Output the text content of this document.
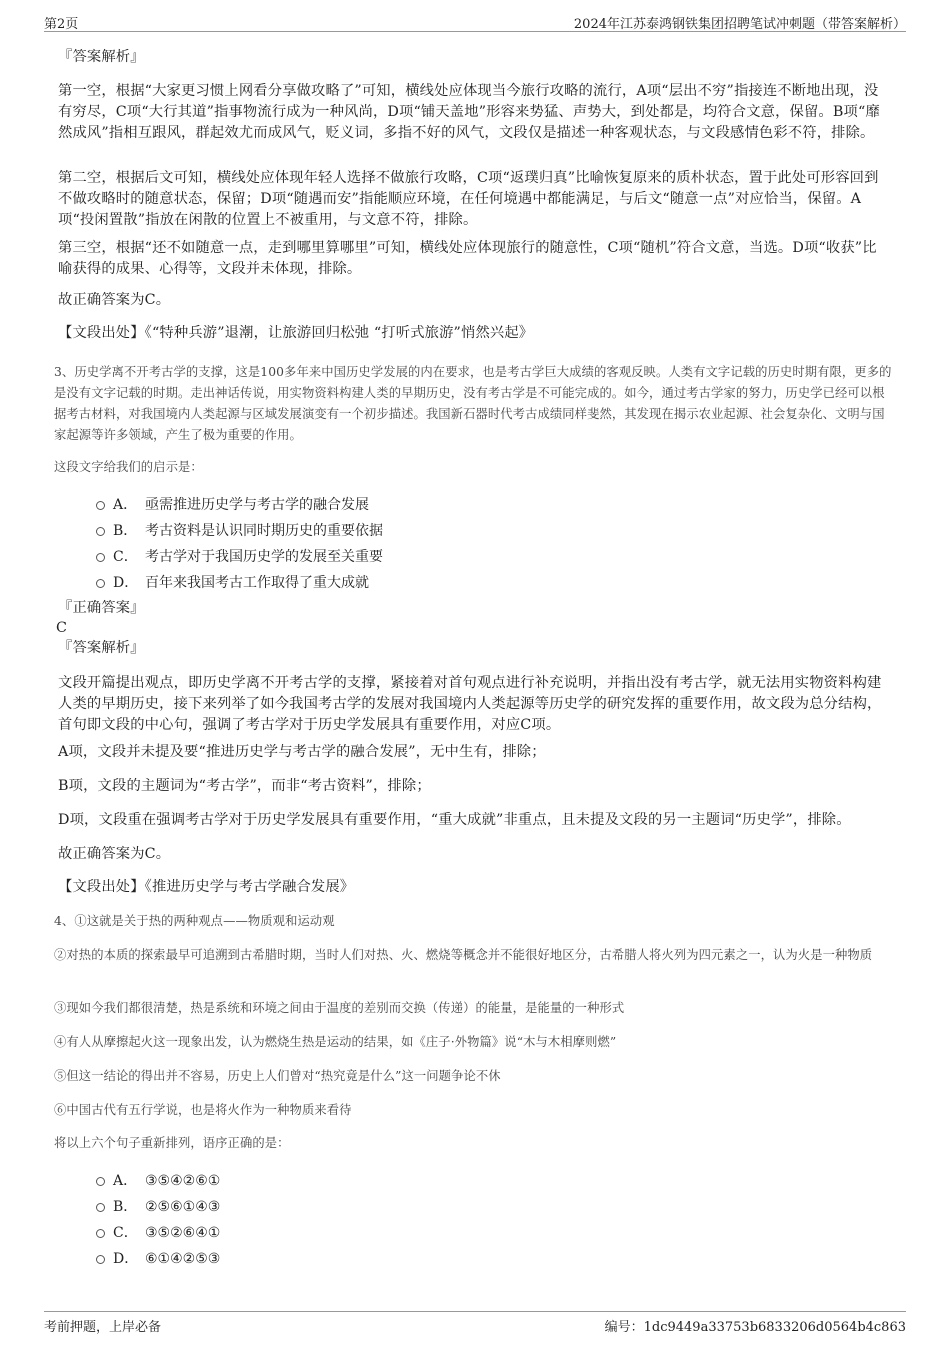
第2页	2024年江苏泰鸿钢铁集团招聘笔试冲刺题（带答案解析）
『答案解析』
第一空，根据“大家更习惯上网看分享做攻略了”可知，横线处应体现当今旅行攻略的流行，A项“层出不穷”指接连不断地出现，没有穷尽，C项“大行其道”指事物流行成为一种风尚，D项“铺天盖地”形容来势猛、声势大，到处都是，均符合文意，保留。B项“靡然成风”指相互跟风，群起效尤而成风气，贬义词，多指不好的风气，文段仅是描述一种客观状态，与文段感情色彩不符，排除。
第二空，根据后文可知，横线处应体现年轻人选择不做旅行攻略，C项“返璞归真”比喻恢复原来的质朴状态，置于此处可形容回到不做攻略时的随意状态，保留；D项“随遇而安”指能顺应环境，在任何境遇中都能满足，与后文“随意一点”对应恰当，保留。A项“投闲置散”指放在闲散的位置上不被重用，与文意不符，排除。
第三空，根据“还不如随意一点，走到哪里算哪里”可知，横线处应体现旅行的随意性，C项“随机”符合文意，当选。D项“收获”比喻获得的成果、心得等，文段并未体现，排除。
故正确答案为C。
【文段出处】《“特种兵游”退潮，让旅游回归松弛 “打听式旅游”悄然兴起》
3、历史学离不开考古学的支撑，这是100多年来中国历史学发展的内在要求，也是考古学巨大成绩的客观反映。人类有文字记载的历史时期有限，更多的是没有文字记载的时期。走出神话传说，用实物资料构建人类的早期历史，没有考古学是不可能完成的。如今，通过考古学家的努力，历史学已经可以根据考古材料，对我国境内人类起源与区域发展演变有一个初步描述。我国新石器时代考古成绩同样斐然，其发现在揭示农业起源、社会复杂化、文明与国家起源等许多领域，产生了极为重要的作用。
这段文字给我们的启示是：
A． 亟需推进历史学与考古学的融合发展
B． 考古资料是认识同时期历史的重要依据
C． 考古学对于我国历史学的发展至关重要
D． 百年来我国考古工作取得了重大成就
『正确答案』
C
『答案解析』
文段开篇提出观点，即历史学离不开考古学的支撑，紧接着对首句观点进行补充说明，并指出没有考古学，就无法用实物资料构建人类的早期历史，接下来列举了如今我国考古学的发展对我国境内人类起源等历史学的研究发挥的重要作用，故文段为总分结构，首句即文段的中心句，强调了考古学对于历史学发展具有重要作用，对应C项。
A项，文段并未提及要“推进历史学与考古学的融合发展”，无中生有，排除；
B项，文段的主题词为“考古学”，而非“考古资料”，排除；
D项，文段重在强调考古学对于历史学发展具有重要作用，“重大成就”非重点，且未提及文段的另一主题词“历史学”，排除。
故正确答案为C。
【文段出处】《推进历史学与考古学融合发展》
4、①这就是关于热的两种观点——物质观和运动观
②对热的本质的探索最早可追溯到古希腊时期，当时人们对热、火、燃烧等概念并不能很好地区分，古希腊人将火列为四元素之一，认为火是一种物质
③现如今我们都很清楚，热是系统和环境之间由于温度的差别而交换（传递）的能量，是能量的一种形式
④有人从摩擦起火这一现象出发，认为燃烧生热是运动的结果，如《庄子·外物篇》说“木与木相摩则燃”
⑤但这一结论的得出并不容易，历史上人们曾对“热究竟是什么”这一问题争论不休
⑥中国古代有五行学说，也是将火作为一种物质来看待
将以上六个句子重新排列，语序正确的是：
A． ③⑤④②⑥①
B． ②⑤⑥①④③
C． ③⑤②⑥④①
D． ⑥①④②⑤③
考前押题，上岸必备	编号：1dc9449a33753b6833206d0564b4c863
